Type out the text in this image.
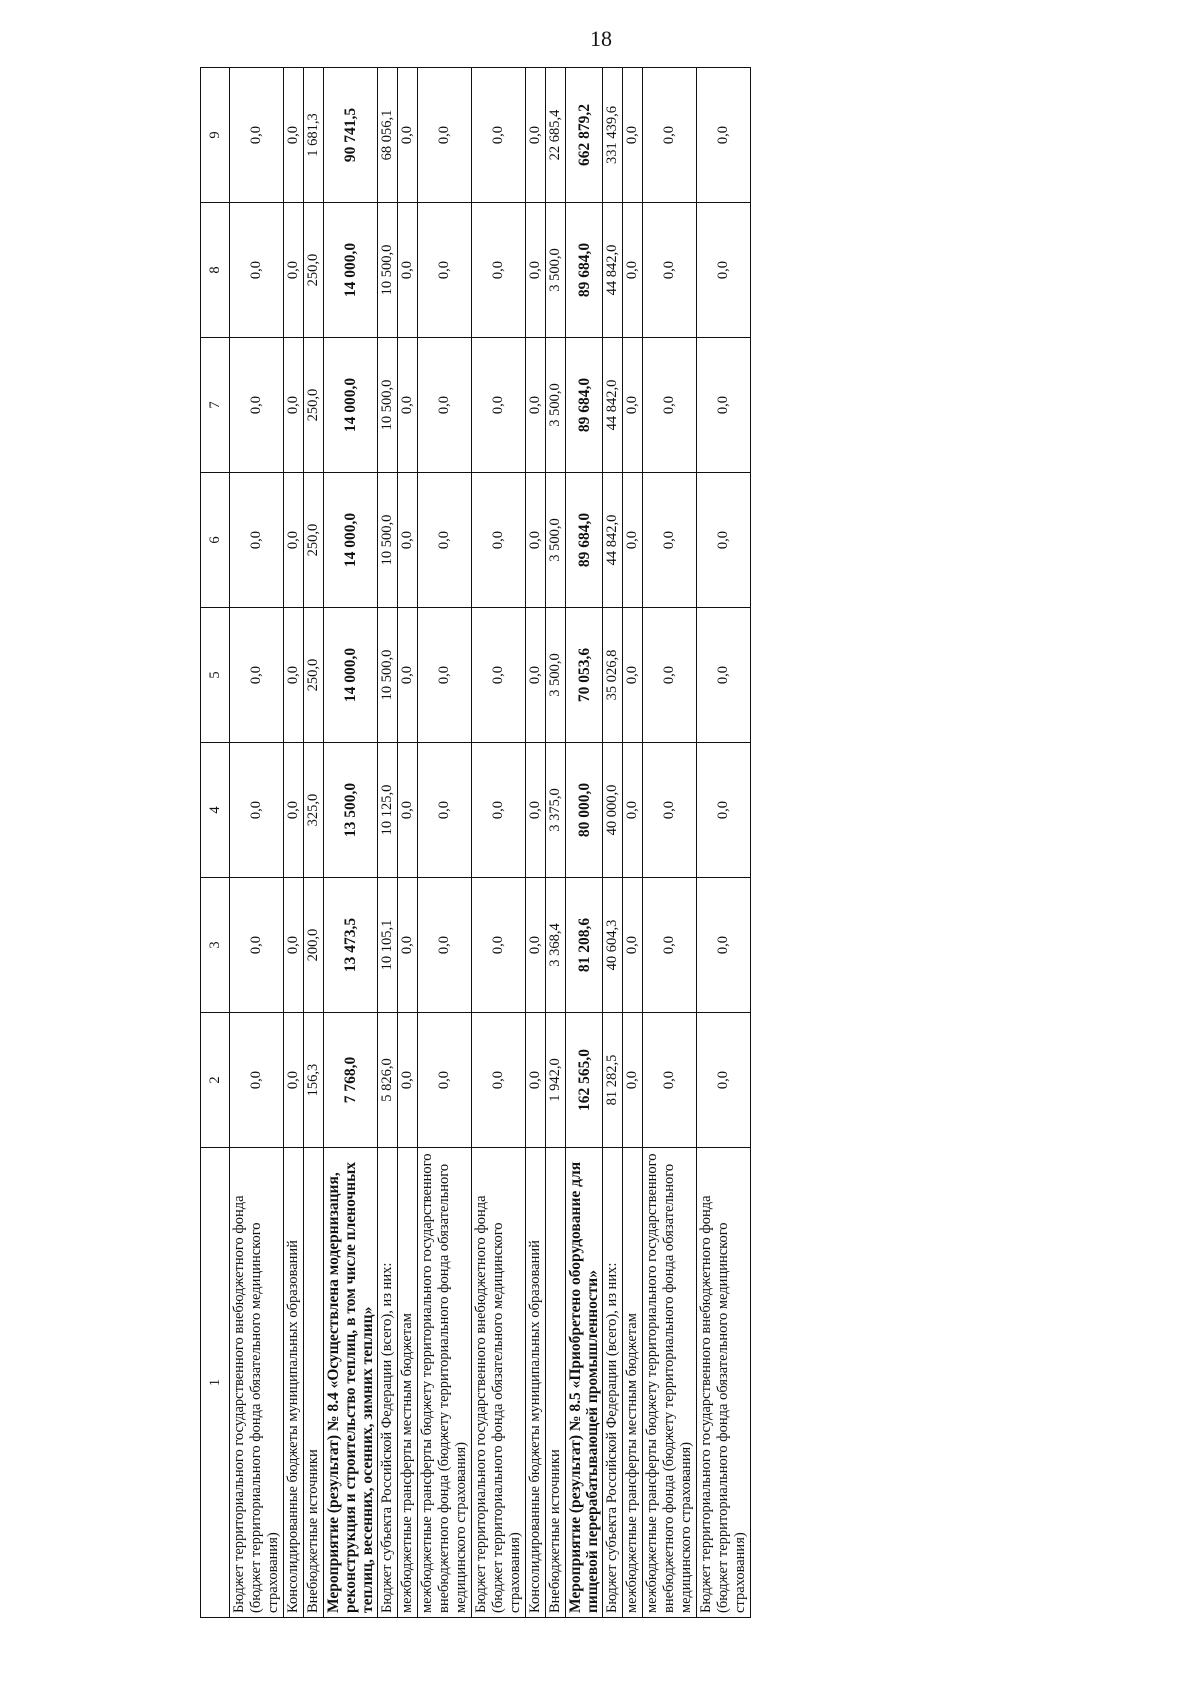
18
1	2	3	4	5	6	7	8	9
Бюджет территориального государственного внебюджетного фонда (бюджет территориального фонда обязательного медицинского страхования)	0,0	0,0	0,0	0,0	0,0	0,0	0,0	0,0
Консолидированные бюджеты муниципальных образований	0,0	0,0	0,0	0,0	0,0	0,0	0,0	0,0
Внебюджетные источники	156,3	200,0	325,0	250,0	250,0	250,0	250,0	1 681,3
Мероприятие (результат) № 8.4 «Осуществлена модернизация, реконструкция и строительство теплиц, в том числе пленочных теплиц, весенних, осенних, зимних теплиц»	7 768,0	13 473,5	13 500,0	14 000,0	14 000,0	14 000,0	14 000,0	90 741,5
Бюджет субъекта Российской Федерации (всего), из них:	5 826,0	10 105,1	10 125,0	10 500,0	10 500,0	10 500,0	10 500,0	68 056,1
межбюджетные трансферты местным бюджетам	0,0	0,0	0,0	0,0	0,0	0,0	0,0	0,0
межбюджетные трансферты бюджету территориального государственного внебюджетного фонда (бюджету территориального фонда обязательного медицинского страхования)	0,0	0,0	0,0	0,0	0,0	0,0	0,0	0,0
Бюджет территориального государственного внебюджетного фонда (бюджет территориального фонда обязательного медицинского страхования)	0,0	0,0	0,0	0,0	0,0	0,0	0,0	0,0
Консолидированные бюджеты муниципальных образований	0,0	0,0	0,0	0,0	0,0	0,0	0,0	0,0
Внебюджетные источники	1 942,0	3 368,4	3 375,0	3 500,0	3 500,0	3 500,0	3 500,0	22 685,4
Мероприятие (результат) № 8.5 «Приобретено оборудование для пищевой перерабатывающей промышленности»	162 565,0	81 208,6	80 000,0	70 053,6	89 684,0	89 684,0	89 684,0	662 879,2
Бюджет субъекта Российской Федерации (всего), из них:	81 282,5	40 604,3	40 000,0	35 026,8	44 842,0	44 842,0	44 842,0	331 439,6
межбюджетные трансферты местным бюджетам	0,0	0,0	0,0	0,0	0,0	0,0	0,0	0,0
межбюджетные трансферты бюджету территориального государственного внебюджетного фонда (бюджету территориального фонда обязательного медицинского страхования)	0,0	0,0	0,0	0,0	0,0	0,0	0,0	0,0
Бюджет территориального государственного внебюджетного фонда (бюджет территориального фонда обязательного медицинского страхования)	0,0	0,0	0,0	0,0	0,0	0,0	0,0	0,0
